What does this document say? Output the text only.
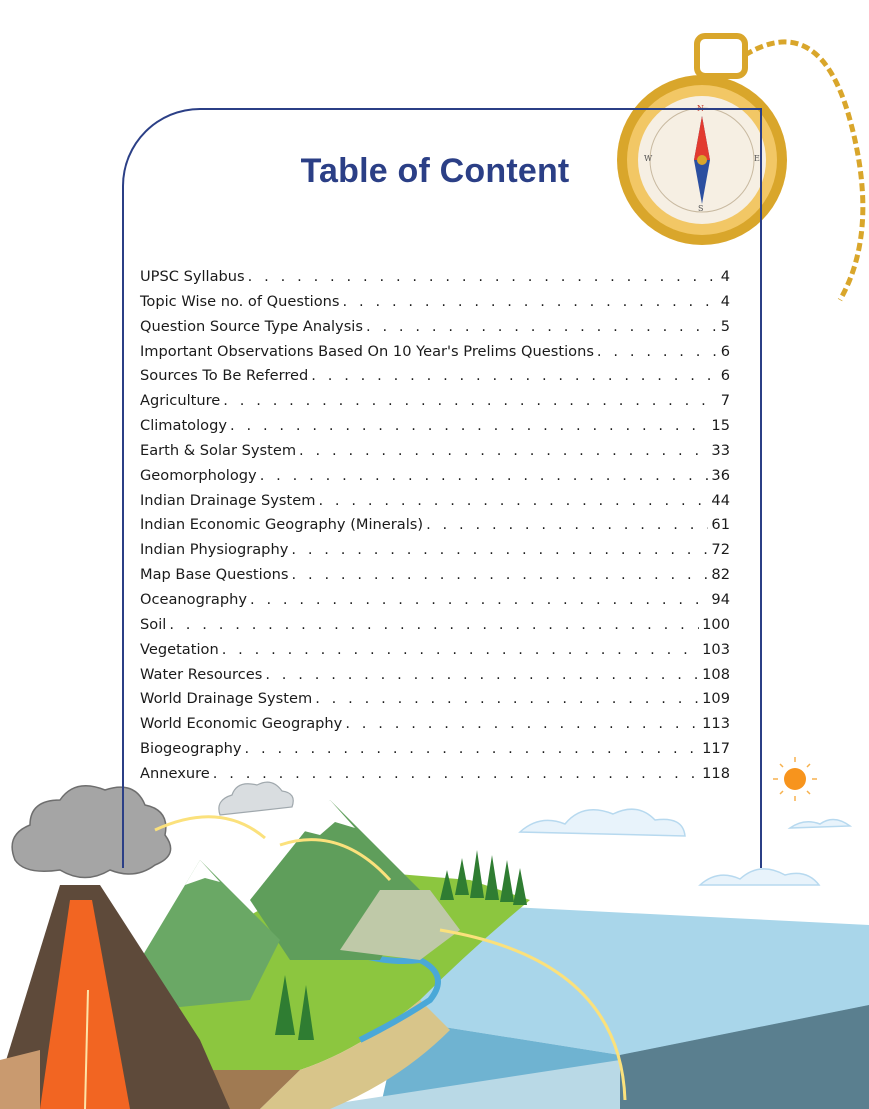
N
E
S
W
Table of Content
UPSC Syllabus . . .	4
Topic Wise no. of Questions . . .	4
Question Source Type Analysis . . .	5
Important Observations Based On 10 Year's Prelims Questions . . .	6
Sources To Be Referred . . .	6
Agriculture . . .	7
Climatology . . .	15
Earth & Solar System . . .	33
Geomorphology . . .	36
Indian Drainage System . . .	44
Indian Economic Geography (Minerals) . . .	61
Indian Physiography . . .	72
Map Base Questions . . .	82
Oceanography . . .	94
Soil . . .	100
Vegetation . . .	103
Water Resources . . .	108
World Drainage System . . .	109
World Economic Geography . . .	113
Biogeography . . .	117
Annexure . . .	118
